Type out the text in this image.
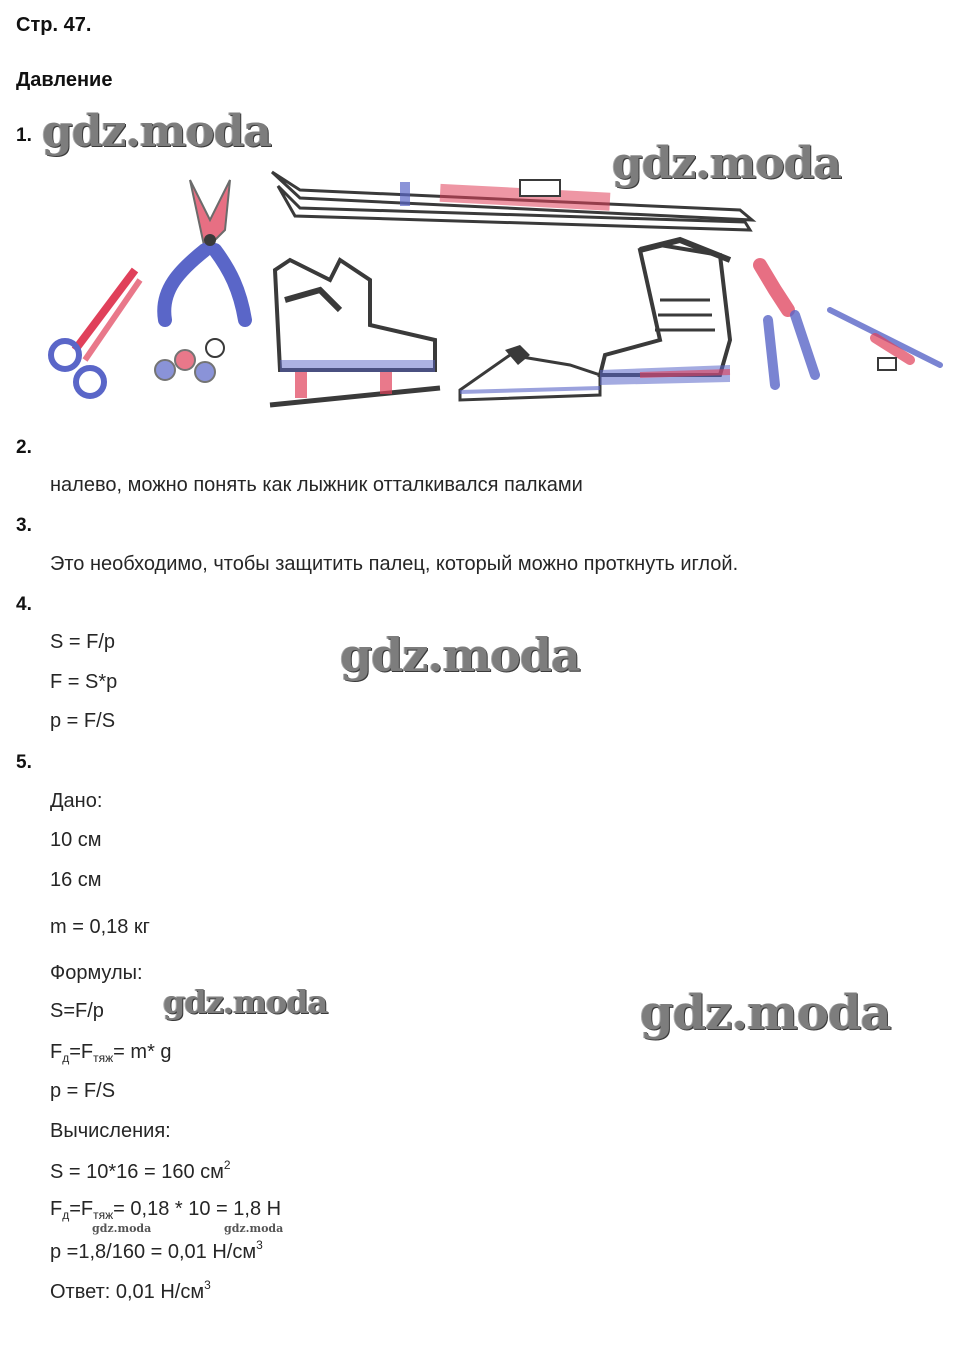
Стр. 47.
Давление
1. gdz.moda
gdz.moda
gdz.moda
gdz.moda	gdz.moda
gdz.moda	gdz.moda
2.
налево, можно понять как лыжник отталкивался палками
3.
Это необходимо, чтобы защитить палец, который можно проткнуть иглой.
4.
S = F/p
F = S*p
p = F/S
5.
Дано:
10 см
16 см
m = 0,18 кг
Формулы:
S=F/p
$F_д=F_{тяж}= m*$ g
p = F/S
Вычисления:
S = 10*16 = 160 $см^2$
$F_д=F_{тяж}= 0,18 * 10 = 1,8$ Н
p =1,8/160 = 0,01 $Н/см^3$
Ответ: 0,01 $Н/см^3$
